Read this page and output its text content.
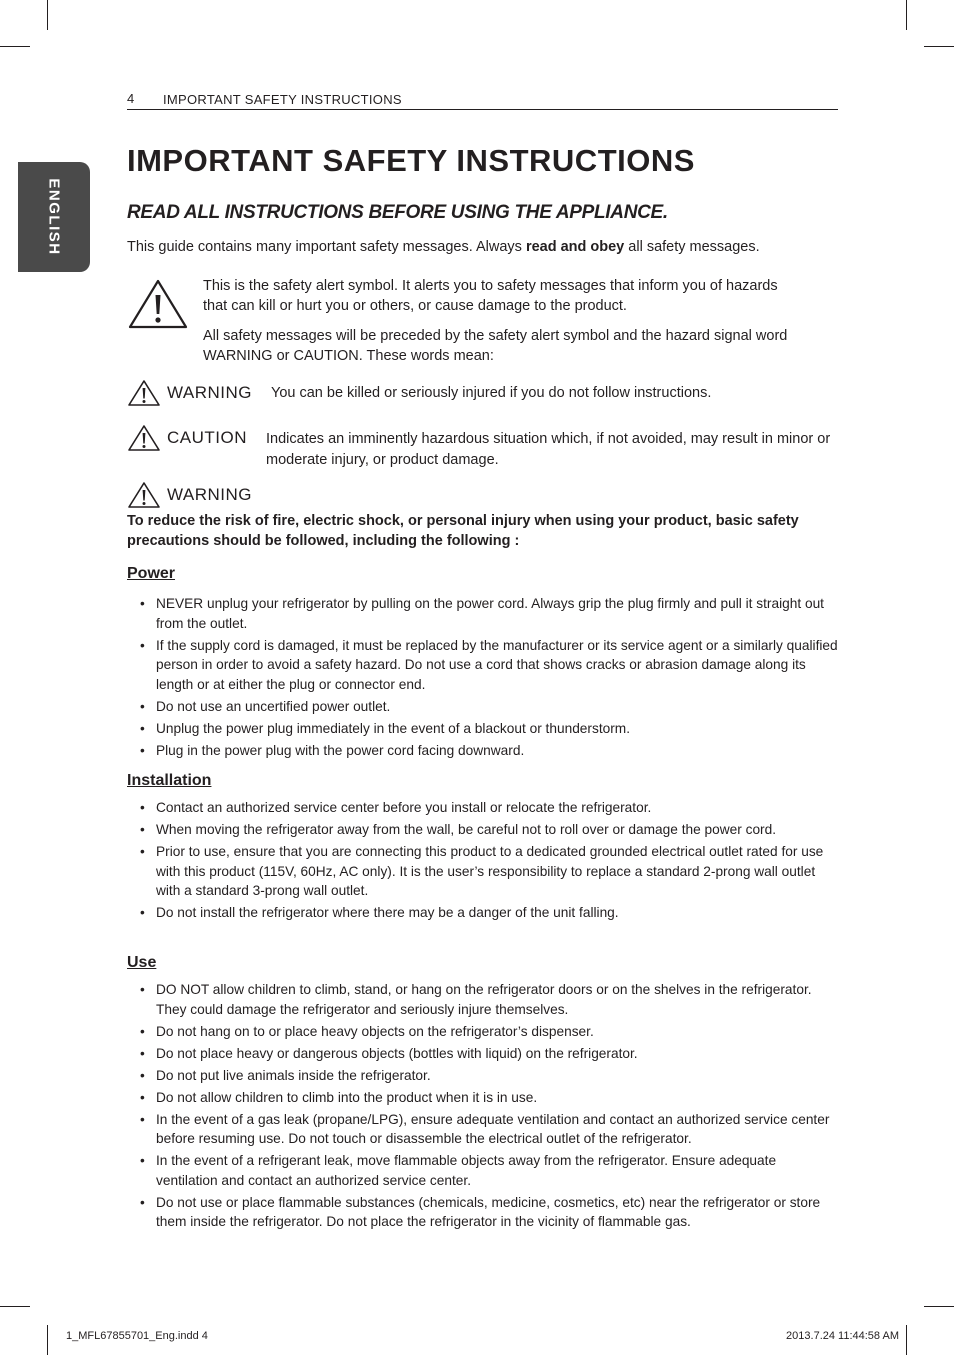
ENGLISH
4 IMPORTANT SAFETY INSTRUCTIONS
IMPORTANT SAFETY INSTRUCTIONS
READ ALL INSTRUCTIONS BEFORE USING THE APPLIANCE.
This guide contains many important safety messages. Always read and obey all safety messages.
This is the safety alert symbol. It alerts you to safety messages that inform you of hazards that can kill or hurt you or others, or cause damage to the product.
All safety messages will be preceded by the safety alert symbol and the hazard signal word WARNING or CAUTION. These words mean:
WARNING You can be killed or seriously injured if you do not follow instructions.
CAUTION Indicates an imminently hazardous situation which, if not avoided, may result in minor or moderate injury, or product damage.
WARNING
To reduce the risk of fire, electric shock, or personal injury when using your product, basic safety precautions should be followed, including the following :
Power
• NEVER unplug your refrigerator by pulling on the power cord. Always grip the plug firmly and pull it straight out from the outlet.
• If the supply cord is damaged, it must be replaced by the manufacturer or its service agent or a similarly qualified person in order to avoid a safety hazard. Do not use a cord that shows cracks or abrasion damage along its length or at either the plug or connector end.
• Do not use an uncertified power outlet.
• Unplug the power plug immediately in the event of a blackout or thunderstorm.
• Plug in the power plug with the power cord facing downward.
Installation
• Contact an authorized service center before you install or relocate the refrigerator.
• When moving the refrigerator away from the wall, be careful not to roll over or damage the power cord.
• Prior to use, ensure that you are connecting this product to a dedicated grounded electrical outlet rated for use with this product (115V, 60Hz, AC only). It is the user’s responsibility to replace a standard 2-prong wall outlet with a standard 3-prong wall outlet.
• Do not install the refrigerator where there may be a danger of the unit falling.
Use
• DO NOT allow children to climb, stand, or hang on the refrigerator doors or on the shelves in the refrigerator. They could damage the refrigerator and seriously injure themselves.
• Do not hang on to or place heavy objects on the refrigerator’s dispenser.
• Do not place heavy or dangerous objects (bottles with liquid) on the refrigerator.
• Do not put live animals inside the refrigerator.
• Do not allow children to climb into the product when it is in use.
• In the event of a gas leak (propane/LPG), ensure adequate ventilation and contact an authorized service center before resuming use. Do not touch or disassemble the electrical outlet of the refrigerator.
• In the event of a refrigerant leak, move flammable objects away from the refrigerator. Ensure adequate ventilation and contact an authorized service center.
• Do not use or place flammable substances (chemicals, medicine, cosmetics, etc) near the refrigerator or store them inside the refrigerator. Do not place the refrigerator in the vicinity of flammable gas.
1_MFL67855701_Eng.indd 4	2013.7.24 11:44:58 AM
